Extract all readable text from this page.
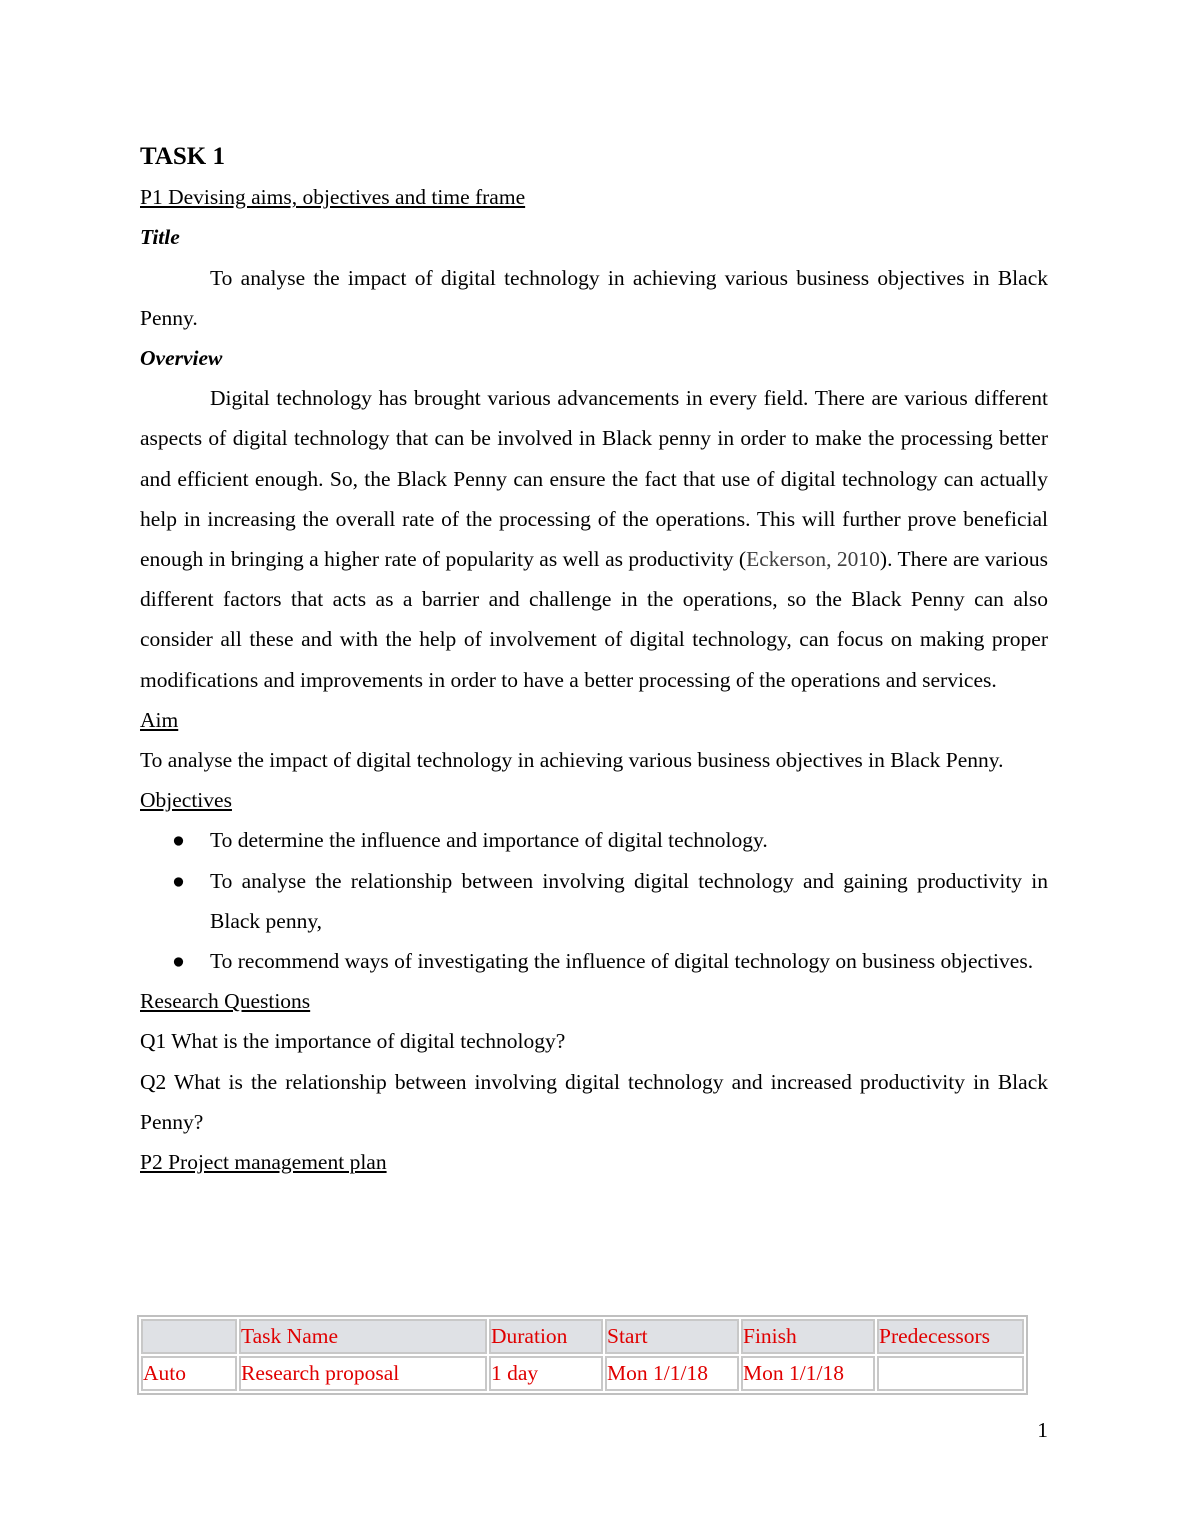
TASK 1
P1 Devising aims, objectives and time frame
Title

To analyse the impact of digital technology in achieving various business objectives in Black Penny.

Overview

Digital technology has brought various advancements in every field. There are various different aspects of digital technology that can be involved in Black penny in order to make the processing better and efficient enough. So, the Black Penny can ensure the fact that use of digital technology can actually help in increasing the overall rate of the processing of the operations. This will further prove beneficial enough in bringing a higher rate of popularity as well as productivity (Eckerson, 2010). There are various different factors that acts as a barrier and challenge in the operations, so the Black Penny can also consider all these and with the help of involvement of digital technology, can focus on making proper modifications and improvements in order to have a better processing of the operations and services.

Aim

To analyse the impact of digital technology in achieving various business objectives in Black Penny.

Objectives
● To determine the influence and importance of digital technology.
● To analyse the relationship between involving digital technology and gaining productivity in Black penny,
● To recommend ways of investigating the influence of digital technology on business objectives.
Research Questions

Q1 What is the importance of digital technology?

Q2 What is the relationship between involving digital technology and increased productivity in Black Penny?

P2 Project management plan
	Task Name	Duration	Start	Finish	Predecessors
Auto	Research proposal	1 day	Mon 1/1/18	Mon 1/1/18	
1
